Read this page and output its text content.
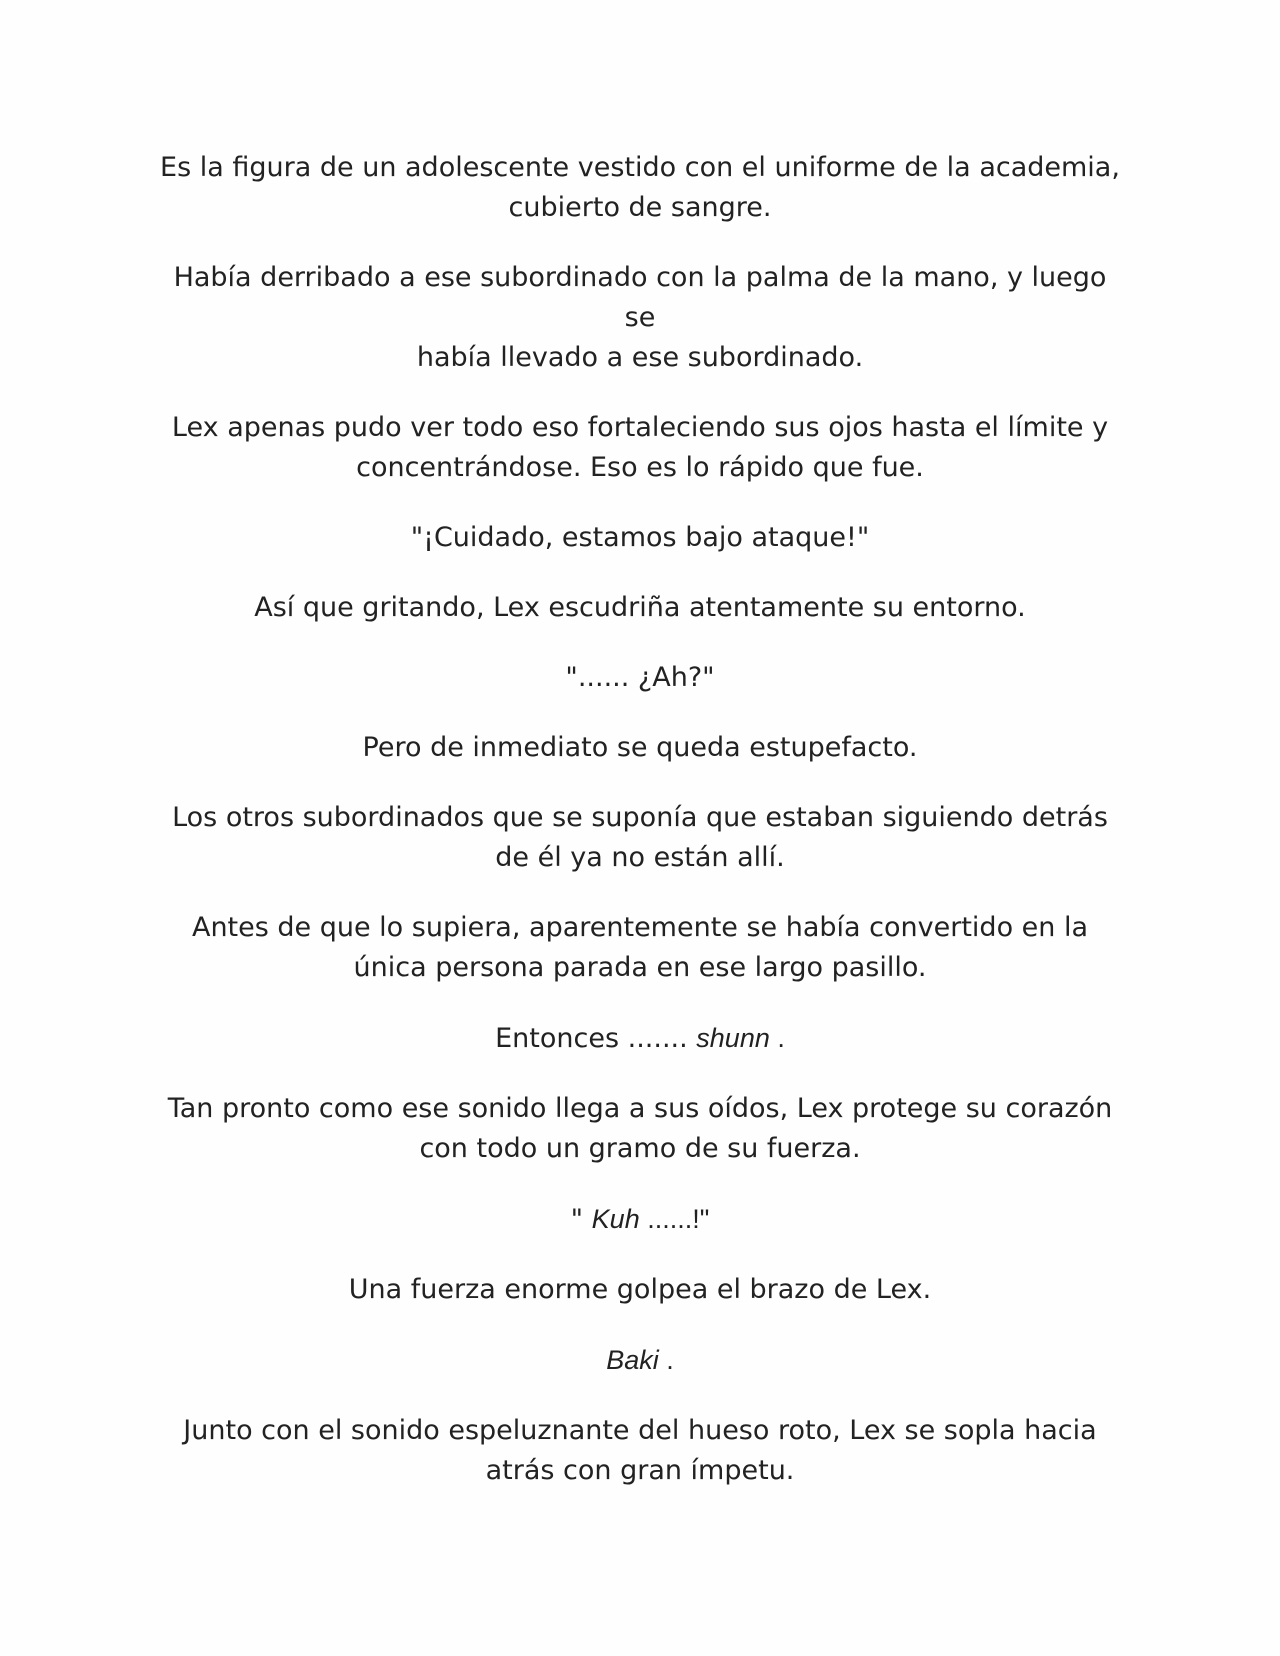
Es la figura de un adolescente vestido con el uniforme de la academia,
cubierto de sangre.

Había derribado a ese subordinado con la palma de la mano, y luego se
había llevado a ese subordinado.

Lex apenas pudo ver todo eso fortaleciendo sus ojos hasta el límite y
concentrándose. Eso es lo rápido que fue.

"¡Cuidado, estamos bajo ataque!"

Así que gritando, Lex escudriña atentamente su entorno.

"...... ¿Ah?"

Pero de inmediato se queda estupefacto.

Los otros subordinados que se suponía que estaban siguiendo detrás
de él ya no están allí.

Antes de que lo supiera, aparentemente se había convertido en la
única persona parada en ese largo pasillo.

Entonces ....... shunn .

Tan pronto como ese sonido llega a sus oídos, Lex protege su corazón
con todo un gramo de su fuerza.

" Kuh ......!"

Una fuerza enorme golpea el brazo de Lex.

Baki .

Junto con el sonido espeluznante del hueso roto, Lex se sopla hacia
atrás con gran ímpetu.
